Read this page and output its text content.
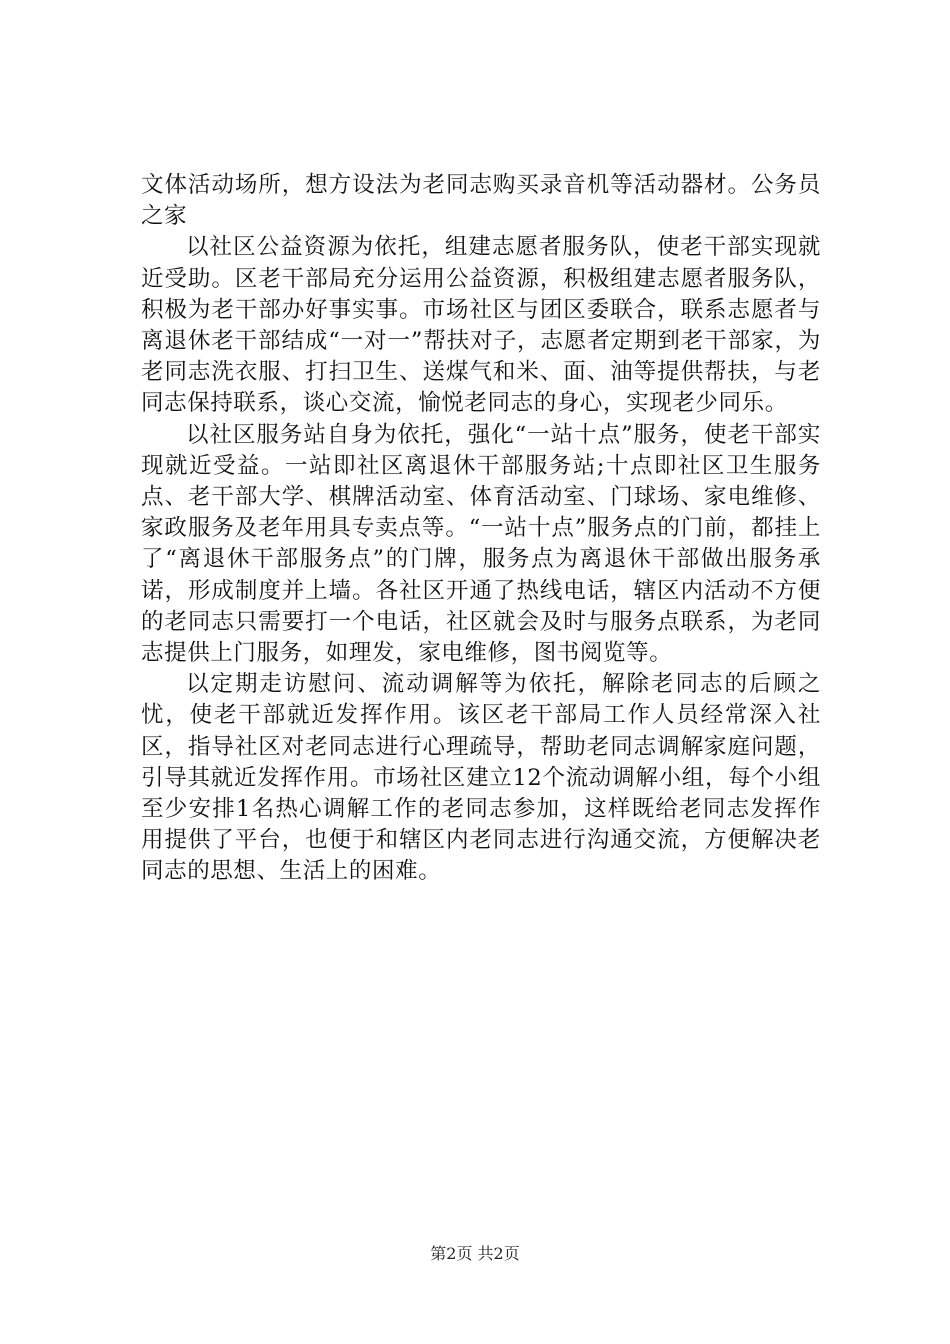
文体活动场所，想方设法为老同志购买录音机等活动器材。公务员之家

以社区公益资源为依托，组建志愿者服务队，使老干部实现就近受助。区老干部局充分运用公益资源，积极组建志愿者服务队，积极为老干部办好事实事。市场社区与团区委联合，联系志愿者与离退休老干部结成“一对一”帮扶对子，志愿者定期到老干部家，为老同志洗衣服、打扫卫生、送煤气和米、面、油等提供帮扶，与老同志保持联系，谈心交流，愉悦老同志的身心，实现老少同乐。

以社区服务站自身为依托，强化“一站十点”服务，使老干部实现就近受益。一站即社区离退休干部服务站;十点即社区卫生服务点、老干部大学、棋牌活动室、体育活动室、门球场、家电维修、家政服务及老年用具专卖点等。“一站十点”服务点的门前，都挂上了“离退休干部服务点”的门牌，服务点为离退休干部做出服务承诺，形成制度并上墙。各社区开通了热线电话，辖区内活动不方便的老同志只需要打一个电话，社区就会及时与服务点联系，为老同志提供上门服务，如理发，家电维修，图书阅览等。

以定期走访慰问、流动调解等为依托，解除老同志的后顾之忧，使老干部就近发挥作用。该区老干部局工作人员经常深入社区，指导社区对老同志进行心理疏导，帮助老同志调解家庭问题，引导其就近发挥作用。市场社区建立12个流动调解小组，每个小组至少安排1名热心调解工作的老同志参加，这样既给老同志发挥作用提供了平台，也便于和辖区内老同志进行沟通交流，方便解决老同志的思想、生活上的困难。

第2页 共2页
